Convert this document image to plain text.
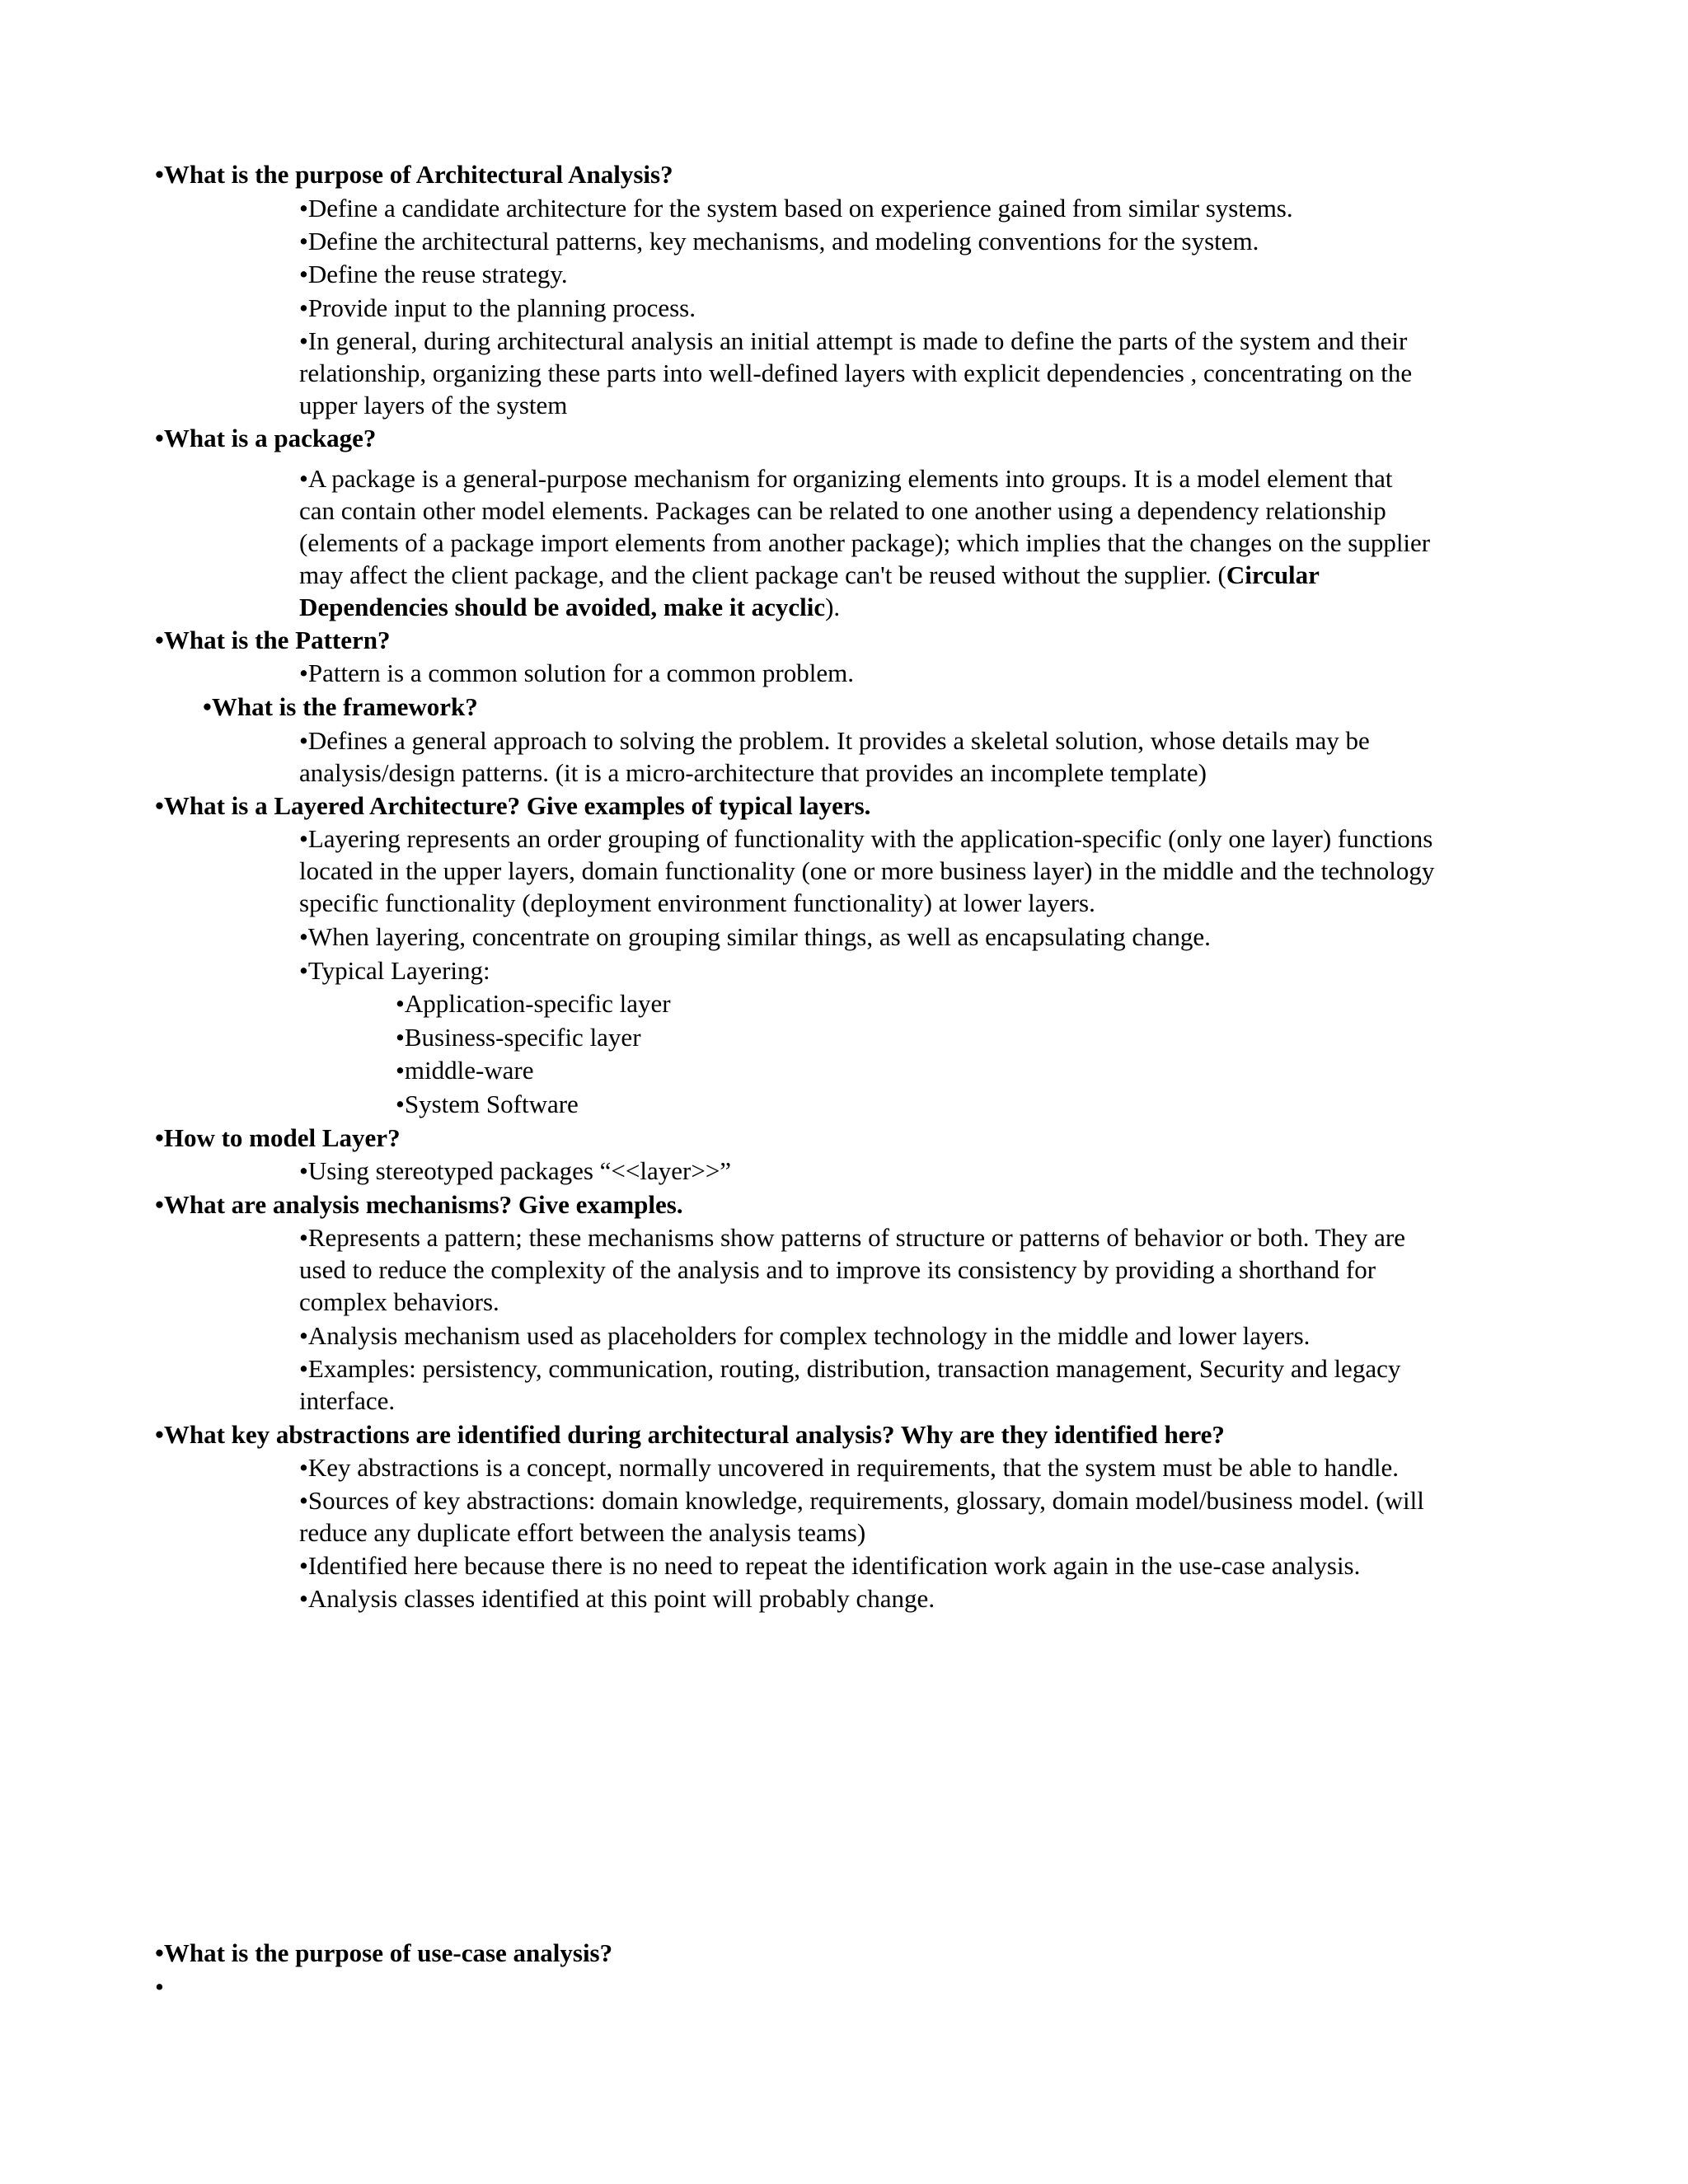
•What is the purpose of Architectural Analysis?
•Define a candidate architecture for the system based on experience gained from similar systems.
•Define the architectural patterns, key mechanisms, and modeling conventions for the system.
•Define the reuse strategy.
•Provide input to the planning process.
•In general, during architectural analysis an initial attempt is made to define the parts of the system and their
relationship, organizing these parts into well-defined layers with explicit dependencies , concentrating on the
upper layers of the system
•What is a package?
•A package is a general-purpose mechanism for organizing elements into groups. It is a model element that
can contain other model elements. Packages can be related to one another using a dependency relationship
(elements of a package import elements from another package); which implies that the changes on the supplier
may affect the client package, and the client package can't be reused without the supplier. (Circular
Dependencies should be avoided, make it acyclic).
•What is the Pattern?
•Pattern is a common solution for a common problem.
•What is the framework?
•Defines a general approach to solving the problem. It provides a skeletal solution, whose details may be
analysis/design patterns. (it is a micro-architecture that provides an incomplete template)
•What is a Layered Architecture? Give examples of typical layers.
•Layering represents an order grouping of functionality with the application-specific (only one layer) functions
located in the upper layers, domain functionality (one or more business layer) in the middle and the technology
specific functionality (deployment environment functionality) at lower layers.
•When layering, concentrate on grouping similar things, as well as encapsulating change.
•Typical Layering:
•Application-specific layer
•Business-specific layer
•middle-ware
•System Software
•How to model Layer?
•Using stereotyped packages “<<layer>>”
•What are analysis mechanisms? Give examples.
•Represents a pattern; these mechanisms show patterns of structure or patterns of behavior or both. They are
used to reduce the complexity of the analysis and to improve its consistency by providing a shorthand for
complex behaviors.
•Analysis mechanism used as placeholders for complex technology in the middle and lower layers.
•Examples: persistency, communication, routing, distribution, transaction management, Security and legacy
interface.
•What key abstractions are identified during architectural analysis? Why are they identified here?
•Key abstractions is a concept, normally uncovered in requirements, that the system must be able to handle.
•Sources of key abstractions: domain knowledge, requirements, glossary, domain model/business model. (will
reduce any duplicate effort between the analysis teams)
•Identified here because there is no need to repeat the identification work again in the use-case analysis.
•Analysis classes identified at this point will probably change.
•What is the purpose of use-case analysis?
•
